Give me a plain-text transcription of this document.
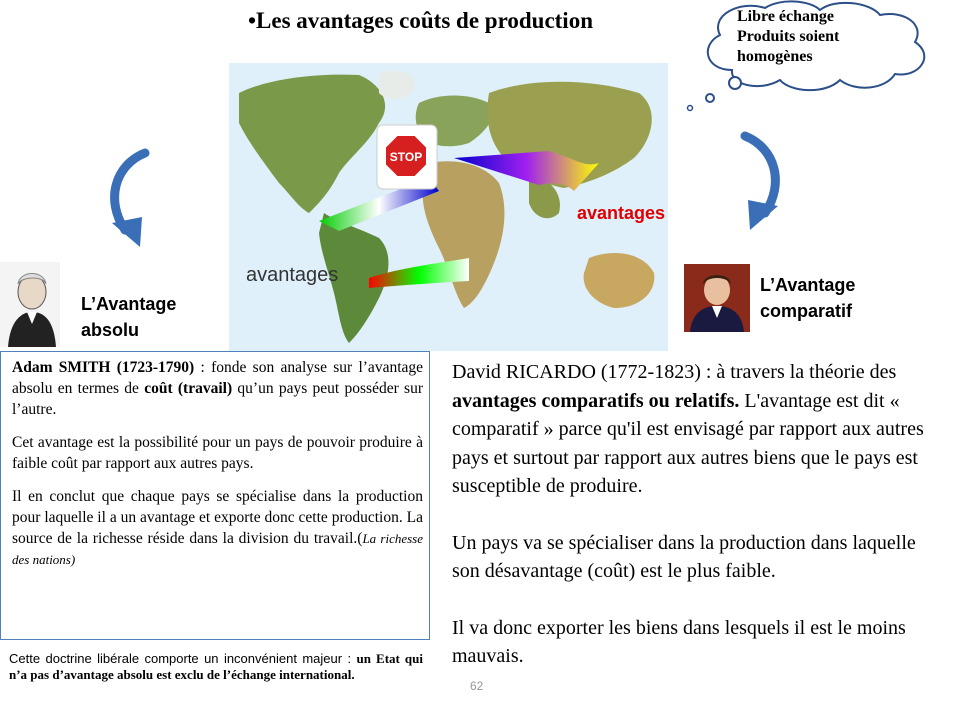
•Les avantages coûts de production	Libre échange
Produits soient
homogènes
STOP
avantages
avantages
L’Avantage
absolu
L’Avantage
comparatif

Adam SMITH (1723-1790) : fonde son analyse sur l’avantage absolu en termes de coût (travail) qu’un pays peut posséder sur l’autre.

Cet avantage est la possibilité pour un pays de pouvoir produire à faible coût par rapport aux autres pays.

Il en conclut que chaque pays se spécialise dans la production pour laquelle il a un avantage et exporte donc cette production. La source de la richesse réside dans la division du travail.(La richesse des nations)

Cette doctrine libérale comporte un inconvénient majeur : un Etat qui n’a pas d’avantage absolu est exclu de l’échange international.

David RICARDO (1772-1823) : à travers la théorie des avantages comparatifs ou relatifs. L'avantage est dit « comparatif » parce qu'il est envisagé par rapport aux autres pays et surtout par rapport aux autres biens que le pays est susceptible de produire.

Un pays va se spécialiser dans la production dans laquelle son désavantage (coût) est le plus faible.

Il va donc exporter les biens dans lesquels il est le moins mauvais.

62
